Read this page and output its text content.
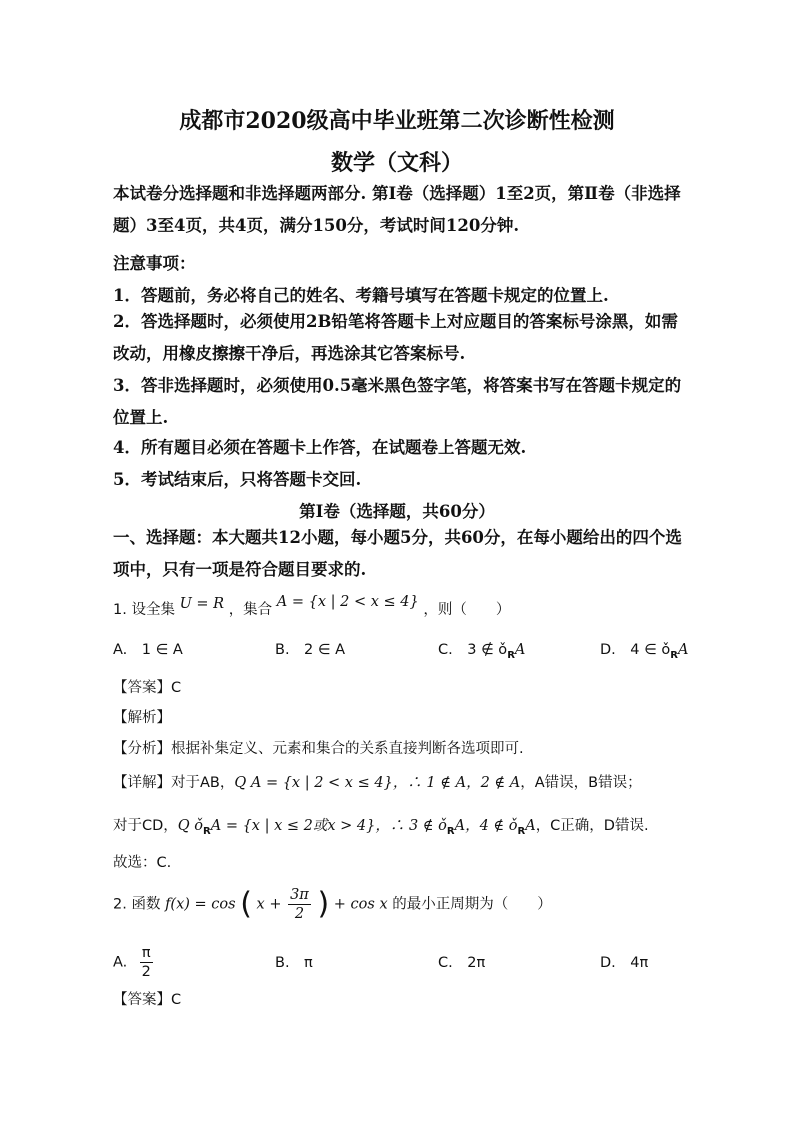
成都市2020级高中毕业班第二次诊断性检测
数学（文科）

本试卷分选择题和非选择题两部分. 第Ⅰ卷（选择题）1至2页，第Ⅱ卷（非选择题）3至4页，共4页，满分150分，考试时间120分钟.

注意事项：
1．答题前，务必将自己的姓名、考籍号填写在答题卡规定的位置上.

2．答选择题时，必须使用2B铅笔将答题卡上对应题目的答案标号涂黑，如需改动，用橡皮擦擦干净后，再选涂其它答案标号.

3．答非选择题时，必须使用0.5毫米黑色签字笔，将答案书写在答题卡规定的位置上.

4．所有题目必须在答题卡上作答，在试题卷上答题无效.
5．考试结束后，只将答题卡交回.
第Ⅰ卷（选择题，共60分）

一、选择题：本大题共12小题，每小题5分，共60分，在每小题给出的四个选项中，只有一项是符合题目要求的.

1. 设全集 U = R ，集合 A = {x | 2 < x ≤ 4} ，则（　　）
A.　1 ∈ A	B.　2 ∈ A	C.　3 ∉ $ǒ_RA$	D.　4 ∈ $ǒ_RA$
【答案】C
【解析】
【分析】根据补集定义、元素和集合的关系直接判断各选项即可.
【详解】对于AB，Q A = {x | 2 < x ≤ 4}，∴ 1 ∉ A，2 ∉ A，A错误，B错误；
对于CD，Q $ǒ_RA = \{x$ | x ≤ 2或x > 4}，∴ 3 ∉ $ǒ_RA$，4 ∉ $ǒ_RA$，C正确，D错误.
故选：C.
2. 函数 f(x) = cos ( $x + \frac{3\pi}{2}$ ) + cos x 的最小正周期为（　　）
A. $\frac{\pi}{2}$	B.　π	C.　2π	D.　4π
【答案】C
